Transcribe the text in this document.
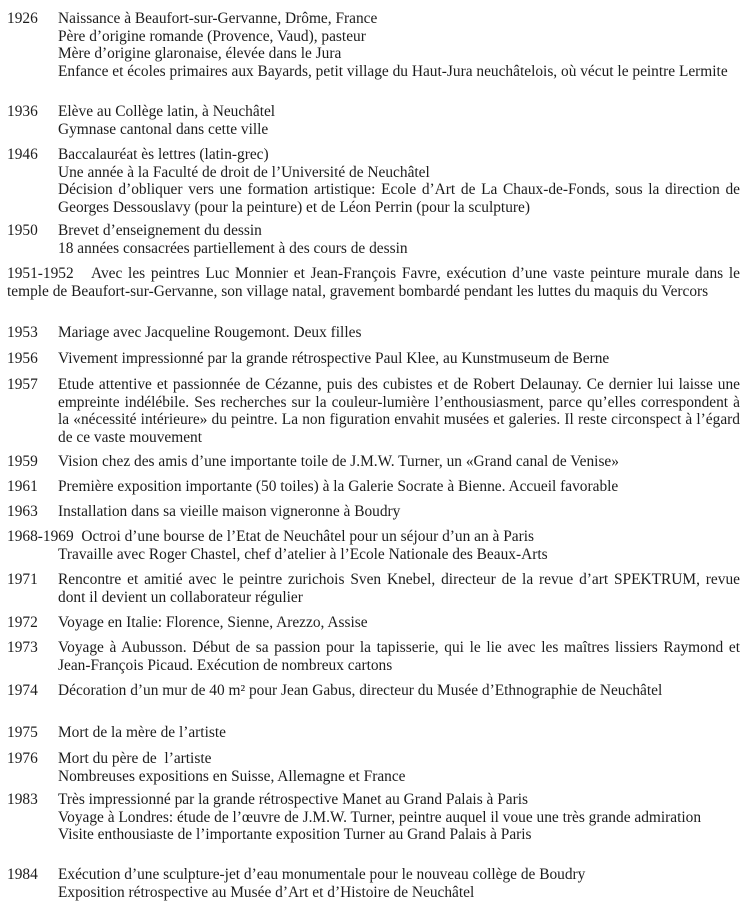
1926 Naissance à Beaufort-sur-Gervanne, Drôme, France
Père d’origine romande (Provence, Vaud), pasteur
Mère d’origine glaronaise, élevée dans le Jura
Enfance et écoles primaires aux Bayards, petit village du Haut-Jura neuchâtelois, où vécut le peintre Lermite
1936 Elève au Collège latin, à Neuchâtel
Gymnase cantonal dans cette ville
1946 Baccalauréat ès lettres (latin-grec)
Une année à la Faculté de droit de l’Université de Neuchâtel
Décision d’obliquer vers une formation artistique: Ecole d’Art de La Chaux-de-Fonds, sous la direction de Georges Dessouslavy (pour la peinture) et de Léon Perrin (pour la sculpture)
1950 Brevet d’enseignement du dessin
18 années consacrées partiellement à des cours de dessin
1951-1952 Avec les peintres Luc Monnier et Jean-François Favre, exécution d’une vaste peinture murale dans le temple de Beaufort-sur-Gervanne, son village natal, gravement bombardé pendant les luttes du maquis du Vercors
1953 Mariage avec Jacqueline Rougemont. Deux filles
1956 Vivement impressionné par la grande rétrospective Paul Klee, au Kunstmuseum de Berne
1957 Etude attentive et passionnée de Cézanne, puis des cubistes et de Robert Delaunay. Ce dernier lui laisse une empreinte indélébile. Ses recherches sur la couleur-lumière l’enthousiasment, parce qu’elles correspondent à la «nécessité intérieure» du peintre. La non figuration envahit musées et galeries. Il reste circonspect à l’égard de ce vaste mouvement
1959 Vision chez des amis d’une importante toile de J.M.W. Turner, un «Grand canal de Venise»
1961 Première exposition importante (50 toiles) à la Galerie Socrate à Bienne. Accueil favorable
1963 Installation dans sa vieille maison vigneronne à Boudry
1968-1969 Octroi d’une bourse de l’Etat de Neuchâtel pour un séjour d’un an à Paris
Travaille avec Roger Chastel, chef d’atelier à l’Ecole Nationale des Beaux-Arts
1971 Rencontre et amitié avec le peintre zurichois Sven Knebel, directeur de la revue d’art SPEKTRUM, revue dont il devient un collaborateur régulier
1972 Voyage en Italie: Florence, Sienne, Arezzo, Assise
1973 Voyage à Aubusson. Début de sa passion pour la tapisserie, qui le lie avec les maîtres lissiers Raymond et Jean-François Picaud. Exécution de nombreux cartons
1974 Décoration d’un mur de 40 m² pour Jean Gabus, directeur du Musée d’Ethnographie de Neuchâtel
1975 Mort de la mère de l’artiste
1976 Mort du père de  l’artiste
Nombreuses expositions en Suisse, Allemagne et France
1983 Très impressionné par la grande rétrospective Manet au Grand Palais à Paris
Voyage à Londres: étude de l’œuvre de J.M.W. Turner, peintre auquel il voue une très grande admiration
Visite enthousiaste de l’importante exposition Turner au Grand Palais à Paris
1984 Exécution d’une sculpture-jet d’eau monumentale pour le nouveau collège de Boudry
Exposition rétrospective au Musée d’Art et d’Histoire de Neuchâtel
